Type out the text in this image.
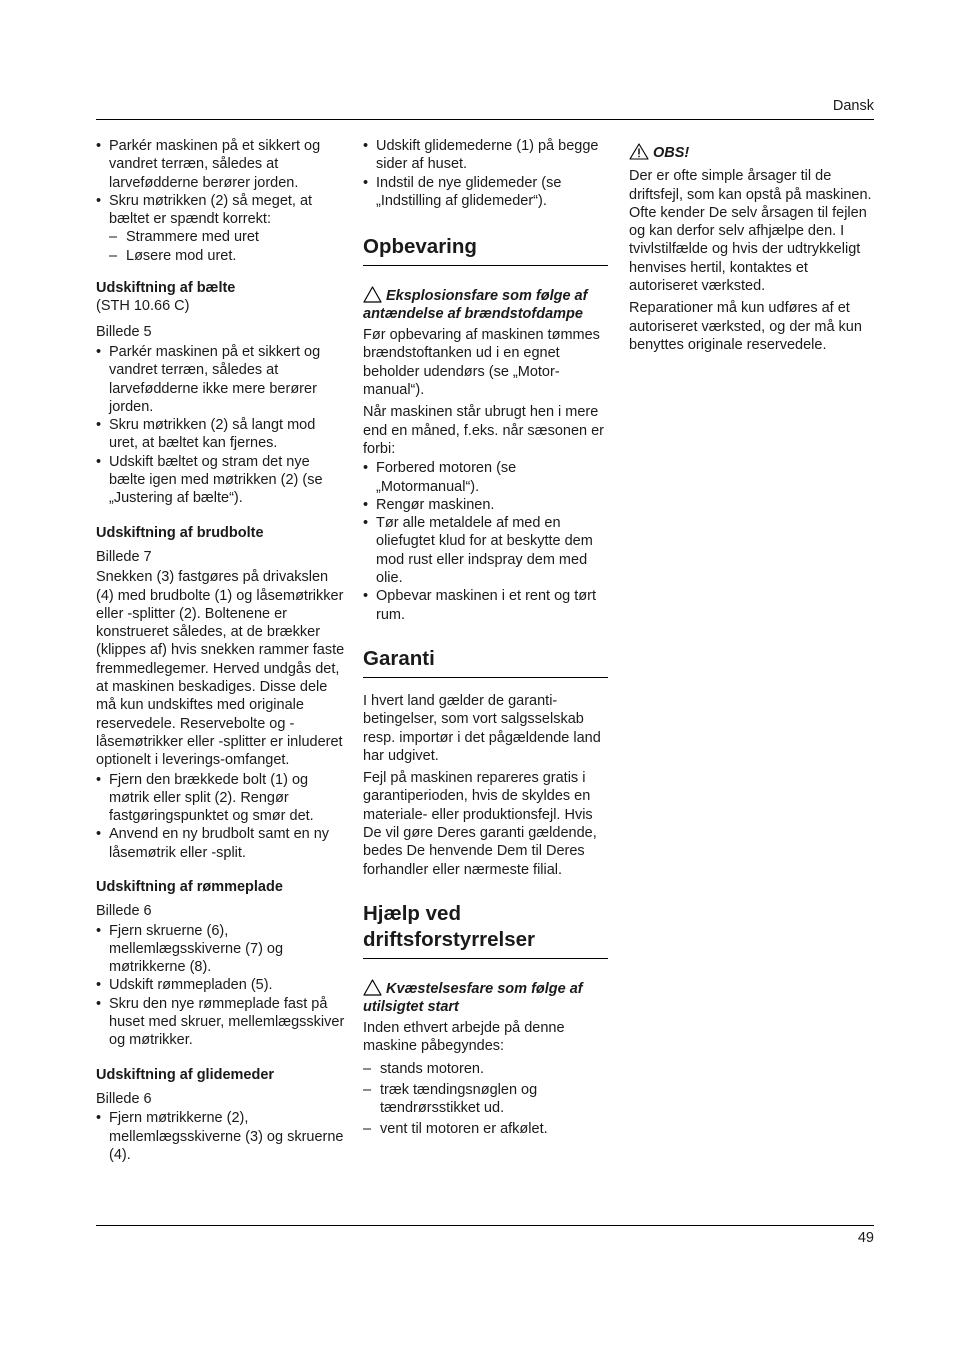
Dansk
• Parkér maskinen på et sikkert og vandret terræn, således at larvefødderne berører jorden.
• Skru møtrikken (2) så meget, at bæltet er spændt korrekt:
– Strammere med uret
– Løsere mod uret.
Udskiftning af bælte

(STH 10.66 C)

Billede 5

• Parkér maskinen på et sikkert og vandret terræn, således at larvefødderne ikke mere berører jorden.
• Skru møtrikken (2) så langt mod uret, at bæltet kan fjernes.
• Udskift bæltet og stram det nye bælte igen med møtrikken (2) (se „Justering af bælte“).
Udskiftning af brudbolte

Billede 7

Snekken (3) fastgøres på drivakslen (4) med brudbolte (1) og låsemøtrikker eller -splitter (2). Boltenene er konstrueret således, at de brækker (klippes af) hvis snekken rammer faste fremmedlegemer. Herved undgås det, at maskinen beskadiges. Disse dele må kun undskiftes med originale reservedele. Reservebolte og -låsemøtrikker eller -splitter er inluderet optionelt i leverings-omfanget.

• Fjern den brækkede bolt (1) og møtrik eller split (2). Rengør fastgøringspunktet og smør det.
• Anvend en ny brudbolt samt en ny låsemøtrik eller -split.
Udskiftning af rømmeplade

Billede 6

• Fjern skruerne (6), mellemlægsskiverne (7) og møtrikkerne (8).
• Udskift rømmepladen (5).
• Skru den nye rømmeplade fast på huset med skruer, mellemlægsskiver og møtrikker.
Udskiftning af glidemeder

Billede 6

• Fjern møtrikkerne (2), mellemlægsskiverne (3) og skruerne (4).
• Udskift glidemederne (1) på begge sider af huset.
• Indstil de nye glidemeder (se „Indstilling af glidemeder“).
Opbevaring
Eksplosionsfare som følge af antændelse af brændstofdampe

Før opbevaring af maskinen tømmes brændstoftanken ud i en egnet beholder udendørs (se „Motor-manual“).

Når maskinen står ubrugt hen i mere end en måned, f.eks. når sæsonen er forbi:

• Forbered motoren (se „Motormanual“).
• Rengør maskinen.
• Tør alle metaldele af med en oliefugtet klud for at beskytte dem mod rust eller indspray dem med olie.
• Opbevar maskinen i et rent og tørt rum.
Garanti

I hvert land gælder de garanti-betingelser, som vort salgsselskab resp. importør i det pågældende land har udgivet.

Fejl på maskinen repareres gratis i garantiperioden, hvis de skyldes en materiale- eller produktionsfejl. Hvis De vil gøre Deres garanti gældende, bedes De henvende Dem til Deres forhandler eller nærmeste filial.

Hjælp ved driftsforstyrrelser
Kvæstelsesfare som følge af utilsigtet start

Inden ethvert arbejde på denne maskine påbegyndes:

– stands motoren.
– træk tændingsnøglen og tændrørsstikket ud.
– vent til motoren er afkølet.
OBS!

Der er ofte simple årsager til de driftsfejl, som kan opstå på maskinen. Ofte kender De selv årsagen til fejlen og kan derfor selv afhjælpe den. I tvivlstilfælde og hvis der udtrykkeligt henvises hertil, kontaktes et autoriseret værksted.

Reparationer må kun udføres af et autoriseret værksted, og der må kun benyttes originale reservedele.

49
